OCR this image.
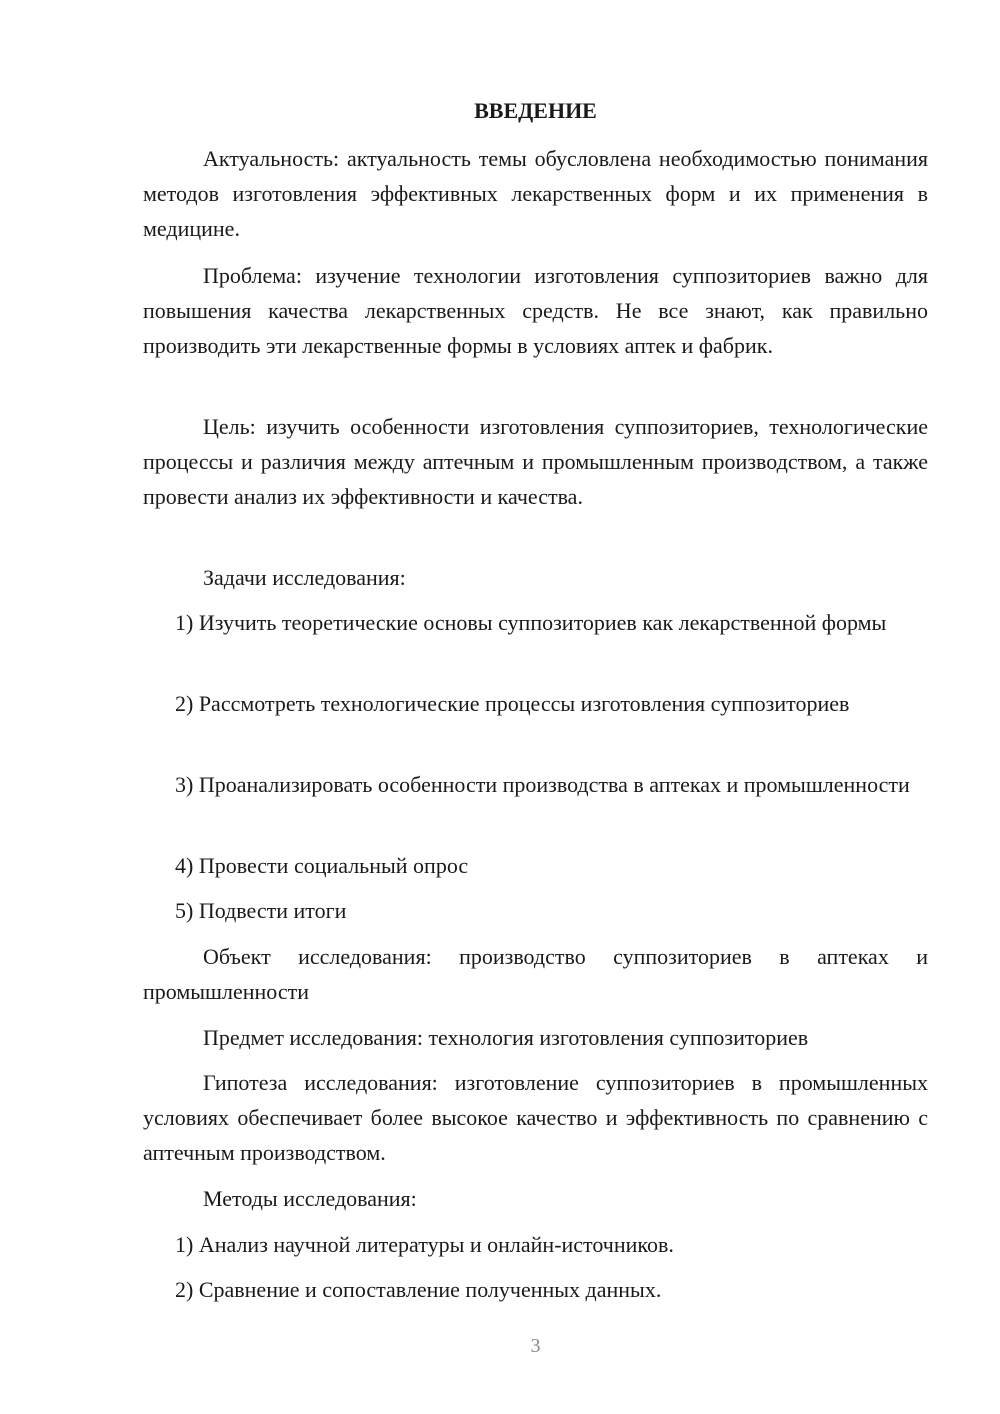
ВВЕДЕНИЕ

Актуальность: актуальность темы обусловлена необходимостью понимания методов изготовления эффективных лекарственных форм и их применения в медицине.

Проблема: изучение технологии изготовления суппозиториев важно для повышения качества лекарственных средств. Не все знают, как правильно производить эти лекарственные формы в условиях аптек и фабрик.

Цель: изучить особенности изготовления суппозиториев, технологические процессы и различия между аптечным и промышленным производством, а также провести анализ их эффективности и качества.

Задачи исследования:

1) Изучить теоретические основы суппозиториев как лекарственной формы

2) Рассмотреть технологические процессы изготовления суппозиториев

3) Проанализировать особенности производства в аптеках и промышленности

4) Провести социальный опрос

5) Подвести итоги

Объект исследования: производство суппозиториев в аптеках и промышленности

Предмет исследования: технология изготовления суппозиториев

Гипотеза исследования: изготовление суппозиториев в промышленных условиях обеспечивает более высокое качество и эффективность по сравнению с аптечным производством.

Методы исследования:

1) Анализ научной литературы и онлайн-источников.

2) Сравнение и сопоставление полученных данных.

3
